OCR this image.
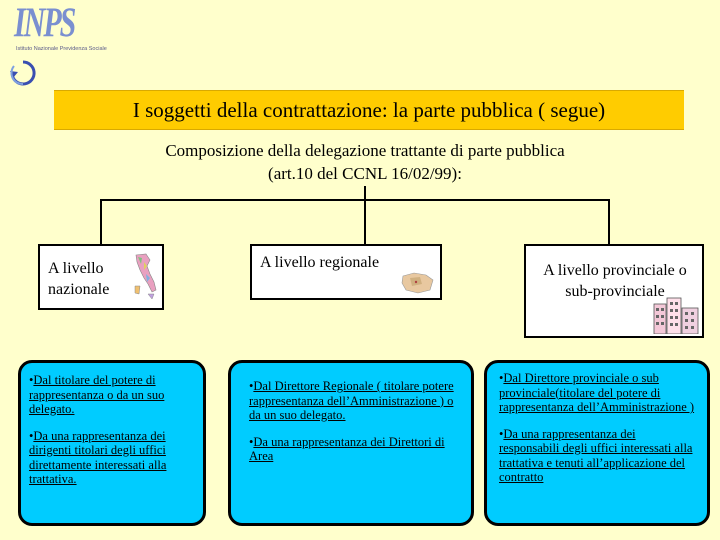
INPS
Istituto Nazionale Previdenza Sociale
I soggetti della contrattazione: la parte pubblica ( segue)
Composizione della delegazione trattante di parte pubblica
(art.10 del CCNL 16/02/99):
A livello
nazionale
A livello regionale	A livello provinciale o
sub-provinciale

•Dal titolare del potere di rappresentanza o da un suo delegato.

•Da una rappresentanza dei dirigenti titolari degli uffici direttamente interessati alla trattativa.

•Dal Direttore Regionale ( titolare potere rappresentanza dell’Amministrazione ) o da un suo delegato.

•Da una rappresentanza dei Direttori di Area

•Dal Direttore provinciale o sub provinciale(titolare del potere di rappresentanza dell’Amministrazione )

•Da una rappresentanza dei responsabili degli uffici interessati alla trattativa e tenuti all’applicazione del contratto
